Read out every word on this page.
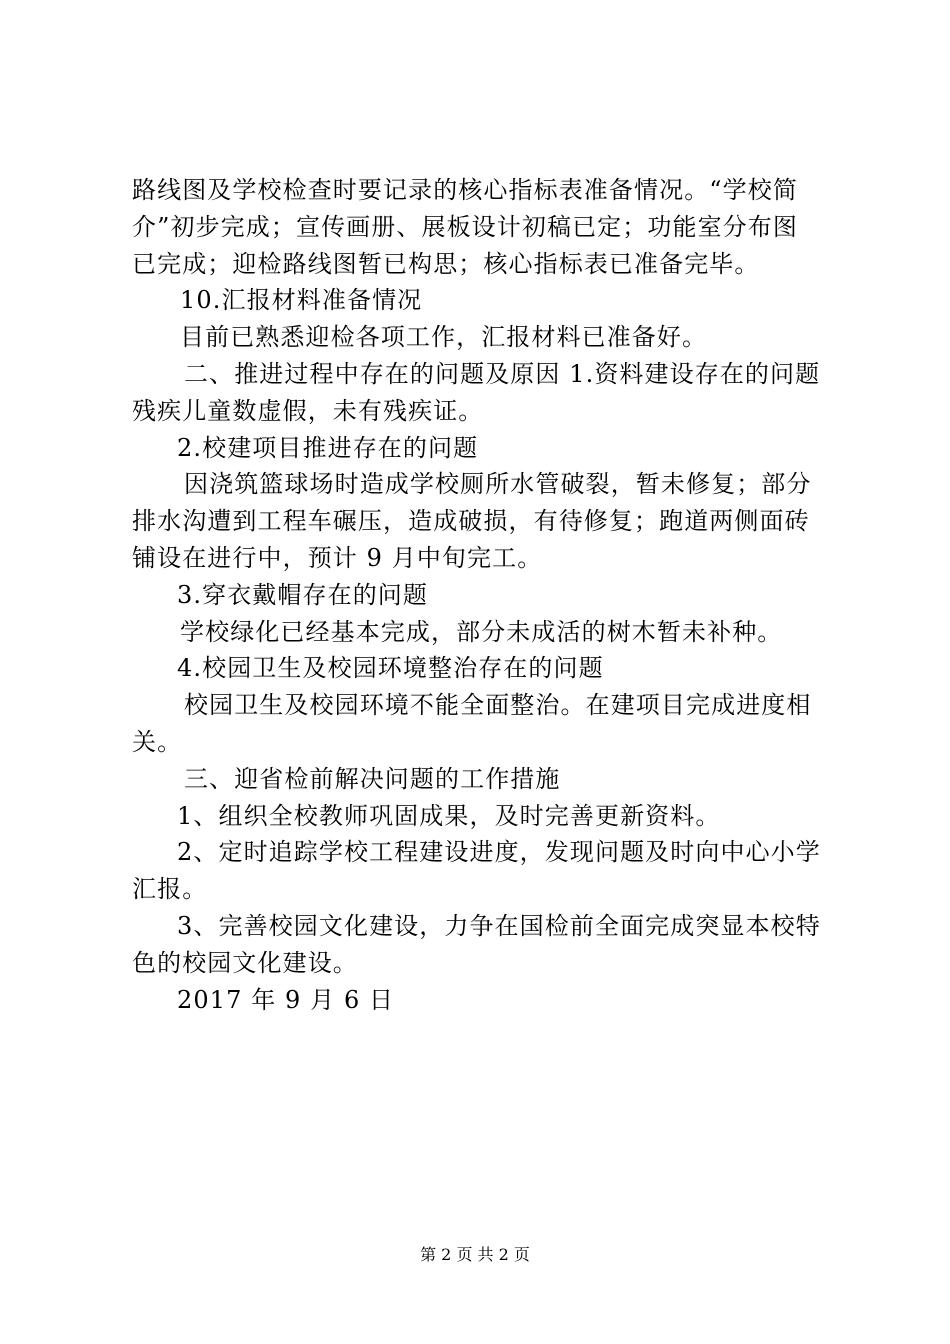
路线图及学校检查时要记录的核心指标表准备情况。“学校简

介”初步完成；宣传画册、展板设计初稿已定；功能室分布图

已完成；迎检路线图暂已构思；核心指标表已准备完毕。

10.汇报材料准备情况

目前已熟悉迎检各项工作，汇报材料已准备好。

二、推进过程中存在的问题及原因 1.资料建设存在的问题

残疾儿童数虚假，未有残疾证。

2.校建项目推进存在的问题

因浇筑篮球场时造成学校厕所水管破裂，暂未修复；部分

排水沟遭到工程车碾压，造成破损，有待修复；跑道两侧面砖

铺设在进行中，预计 9 月中旬完工。

3.穿衣戴帽存在的问题

学校绿化已经基本完成，部分未成活的树木暂未补种。

4.校园卫生及校园环境整治存在的问题

校园卫生及校园环境不能全面整治。在建项目完成进度相

关。

三、迎省检前解决问题的工作措施

1、组织全校教师巩固成果，及时完善更新资料。

2、定时追踪学校工程建设进度，发现问题及时向中心小学

汇报。

3、完善校园文化建设，力争在国检前全面完成突显本校特

色的校园文化建设。

2017 年 9 月 6 日

第 2 页 共 2 页
